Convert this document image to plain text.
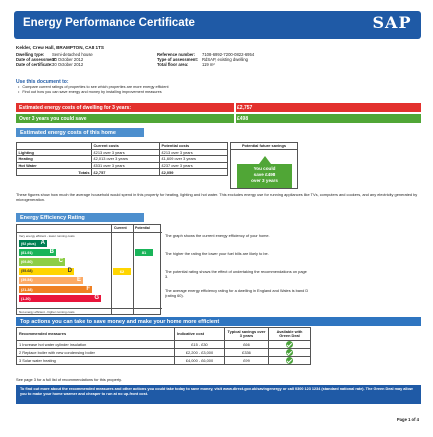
Energy Performance Certificate	SAP
Kelder, Crew Hall, BRAMPTON, CA8 1TS
Dwelling type: Semi-detached house
Date of assessment:
30 October 2012
Date of certificate: 30 October 2012
Reference number: 7108-6992-7200-0822-6954
Type of assessment: RdSAP, existing dwelling
Total floor area:	119 m²
Use this document to:
• Compare current ratings of properties to see which properties are more energy efficient
• Find out how you can save energy and money by installing improvement measures
Estimated energy costs of dwelling for 3 years:	£2,757
Over 3 years you could save	£498
Estimated energy costs of this home
	Current costs	Potential costs
Lighting	£213 over 3 years	£213 over 3 years
Heating	£2,013 over 3 years	£1,609 over 3 years
Hot Water	£531 over 3 years	£237 over 3 years
Totals	£2,757	£2,059
Potential future savings
You could
save £498
over 3 years
These figures show how much the average household would spend in this property for heating, lighting and hot water. This excludes energy use for running appliances like TVs, computers and cookers, and any electricity generated by microgeneration.
Energy Efficiency Rating
Current Potential
Very energy efficient - lower running costs
(92 plus) A
(81-91)	B
(69-80)	C
(55-68)	D
(39-54)	E
(21-38)	F
(1-20)	G
Not energy efficient - higher running costs
62
81

The graph shows the current energy efficiency of your home.

The higher the rating the lower your fuel bills are likely to be.

The potential rating shows the effect of undertaking the recommendations on page 3.

The average energy efficiency rating for a dwelling in England and Wales is band D (rating 60).

Top actions you can take to save money and make your home more efficient
Recommended measures	Indicative cost	Typical savings over 3 years	Available with Green Deal
1 Increase hot water cylinder insulation	£15 - £30	£66	
2 Replace boiler with new condensing boiler	£2,200 - £3,000	£336	
3 Solar water heating	£4,000 - £6,000	£99	
See page 3 for a full list of recommendations for this property.
To find out more about the recommended measures and other actions you could take today to save money, visit www.direct.gov.uk/savingenergy or call 0300 123 1234 (standard national rate). The Green Deal may allow you to make your home warmer and cheaper to run at no up-front cost.
Page 1 of 4
